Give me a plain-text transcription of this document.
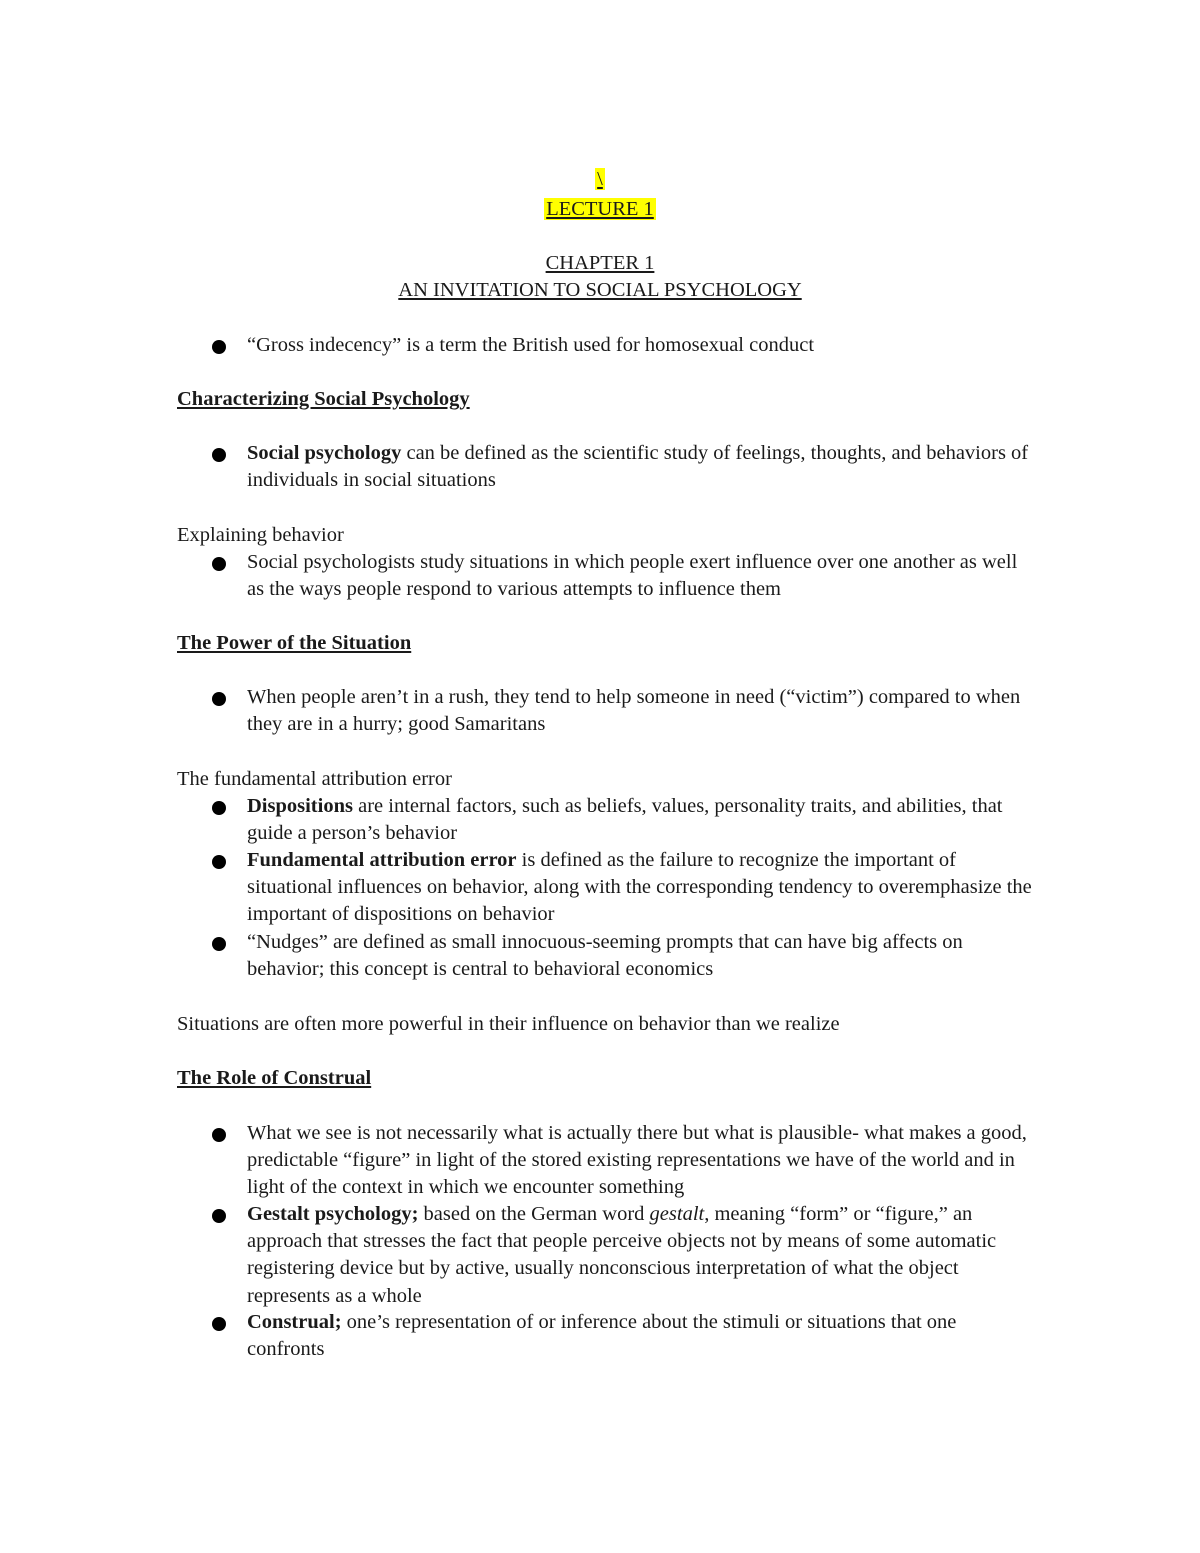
\
LECTURE 1
CHAPTER 1
AN INVITATION TO SOCIAL PSYCHOLOGY
“Gross indecency” is a term the British used for homosexual conduct
Characterizing Social Psychology
Social psychology can be defined as the scientific study of feelings, thoughts, and behaviors of individuals in social situations
Explaining behavior
Social psychologists study situations in which people exert influence over one another as well as the ways people respond to various attempts to influence them
The Power of the Situation
When people aren’t in a rush, they tend to help someone in need (“victim”) compared to when they are in a hurry; good Samaritans
The fundamental attribution error
Dispositions are internal factors, such as beliefs, values, personality traits, and abilities, that guide a person’s behavior
Fundamental attribution error is defined as the failure to recognize the important of situational influences on behavior, along with the corresponding tendency to overemphasize the important of dispositions on behavior
“Nudges” are defined as small innocuous-seeming prompts that can have big affects on behavior; this concept is central to behavioral economics
Situations are often more powerful in their influence on behavior than we realize
The Role of Construal
What we see is not necessarily what is actually there but what is plausible- what makes a good, predictable “figure” in light of the stored existing representations we have of the world and in light of the context in which we encounter something
Gestalt psychology; based on the German word gestalt, meaning “form” or “figure,” an approach that stresses the fact that people perceive objects not by means of some automatic registering device but by active, usually nonconscious interpretation of what the object represents as a whole
Construal; one’s representation of or inference about the stimuli or situations that one confronts
